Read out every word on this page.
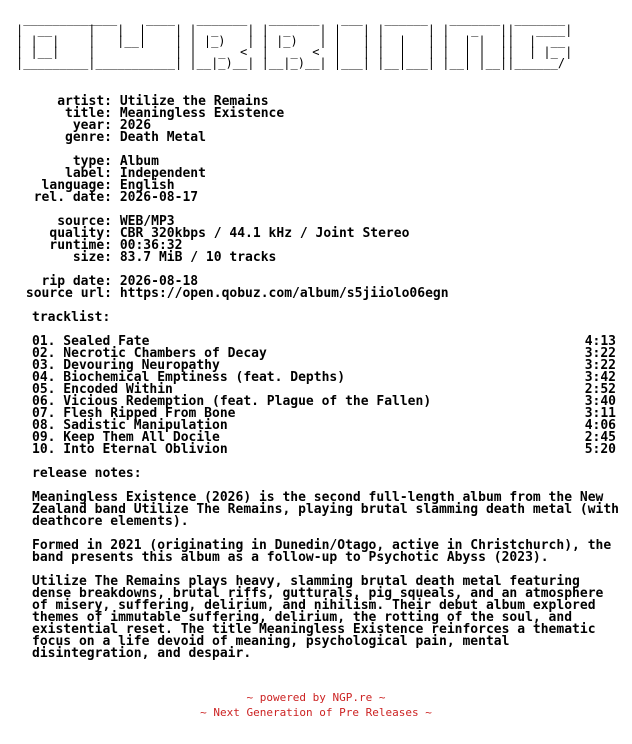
_____________    ____   _______   _______   ___   ______   _______  _______
|  __     |   |  |    | |  _    | |  _    | |   | |      | |   _   ||   ____|
| |  |    |   |__|    | | |_)   | | |_)   | |   | |  |   | |  | |  ||  |  __
| |__|    |           | |   _  <  |   _  <  |   | |  |   | |  | |  ||  | |_ |
|_________|___________| |__|_)__| |__|_)__| |___| |__|___| |__| |__||______/
artist: Utilize the Remains
title: Meaningless Existence
year: 2026
genre: Death Metal
type: Album
label: Independent
language: English
rel. date: 2026-08-17
source: WEB/MP3
quality: CBR 320kbps / 44.1 kHz / Joint Stereo
runtime: 00:36:32
size: 83.7 MiB / 10 tracks
rip date: 2026-08-18
source url: https://open.qobuz.com/album/s5jiiolo06egn
tracklist:
01. Sealed Fate	4:13
02. Necrotic Chambers of Decay	3:22
03. Devouring Neuropathy	3:22
04. Biochemical Emptiness (feat. Depths)	3:42
05. Encoded Within	2:52
06. Vicious Redemption (feat. Plague of the Fallen)	3:40
07. Flesh Ripped From Bone	3:11
08. Sadistic Manipulation	4:06
09. Keep Them All Docile	2:45
10. Into Eternal Oblivion	5:20
release notes:

Meaningless Existence (2026) is the second full-length album from the New Zealand band Utilize The Remains, playing brutal slamming death metal (with deathcore elements).

Formed in 2021 (originating in Dunedin/Otago, active in Christchurch), the band presents this album as a follow-up to Psychotic Abyss (2023).

Utilize The Remains plays heavy, slamming brutal death metal featuring dense breakdowns, brutal riffs, gutturals, pig squeals, and an atmosphere of misery, suffering, delirium, and nihilism. Their debut album explored themes of immutable suffering, delirium, the rotting of the soul, and existential reset. The title Meaningless Existence reinforces a thematic focus on a life devoid of meaning, psychological pain, mental disintegration, and despair.

~ powered by NGP.re ~
~ Next Generation of Pre Releases ~
